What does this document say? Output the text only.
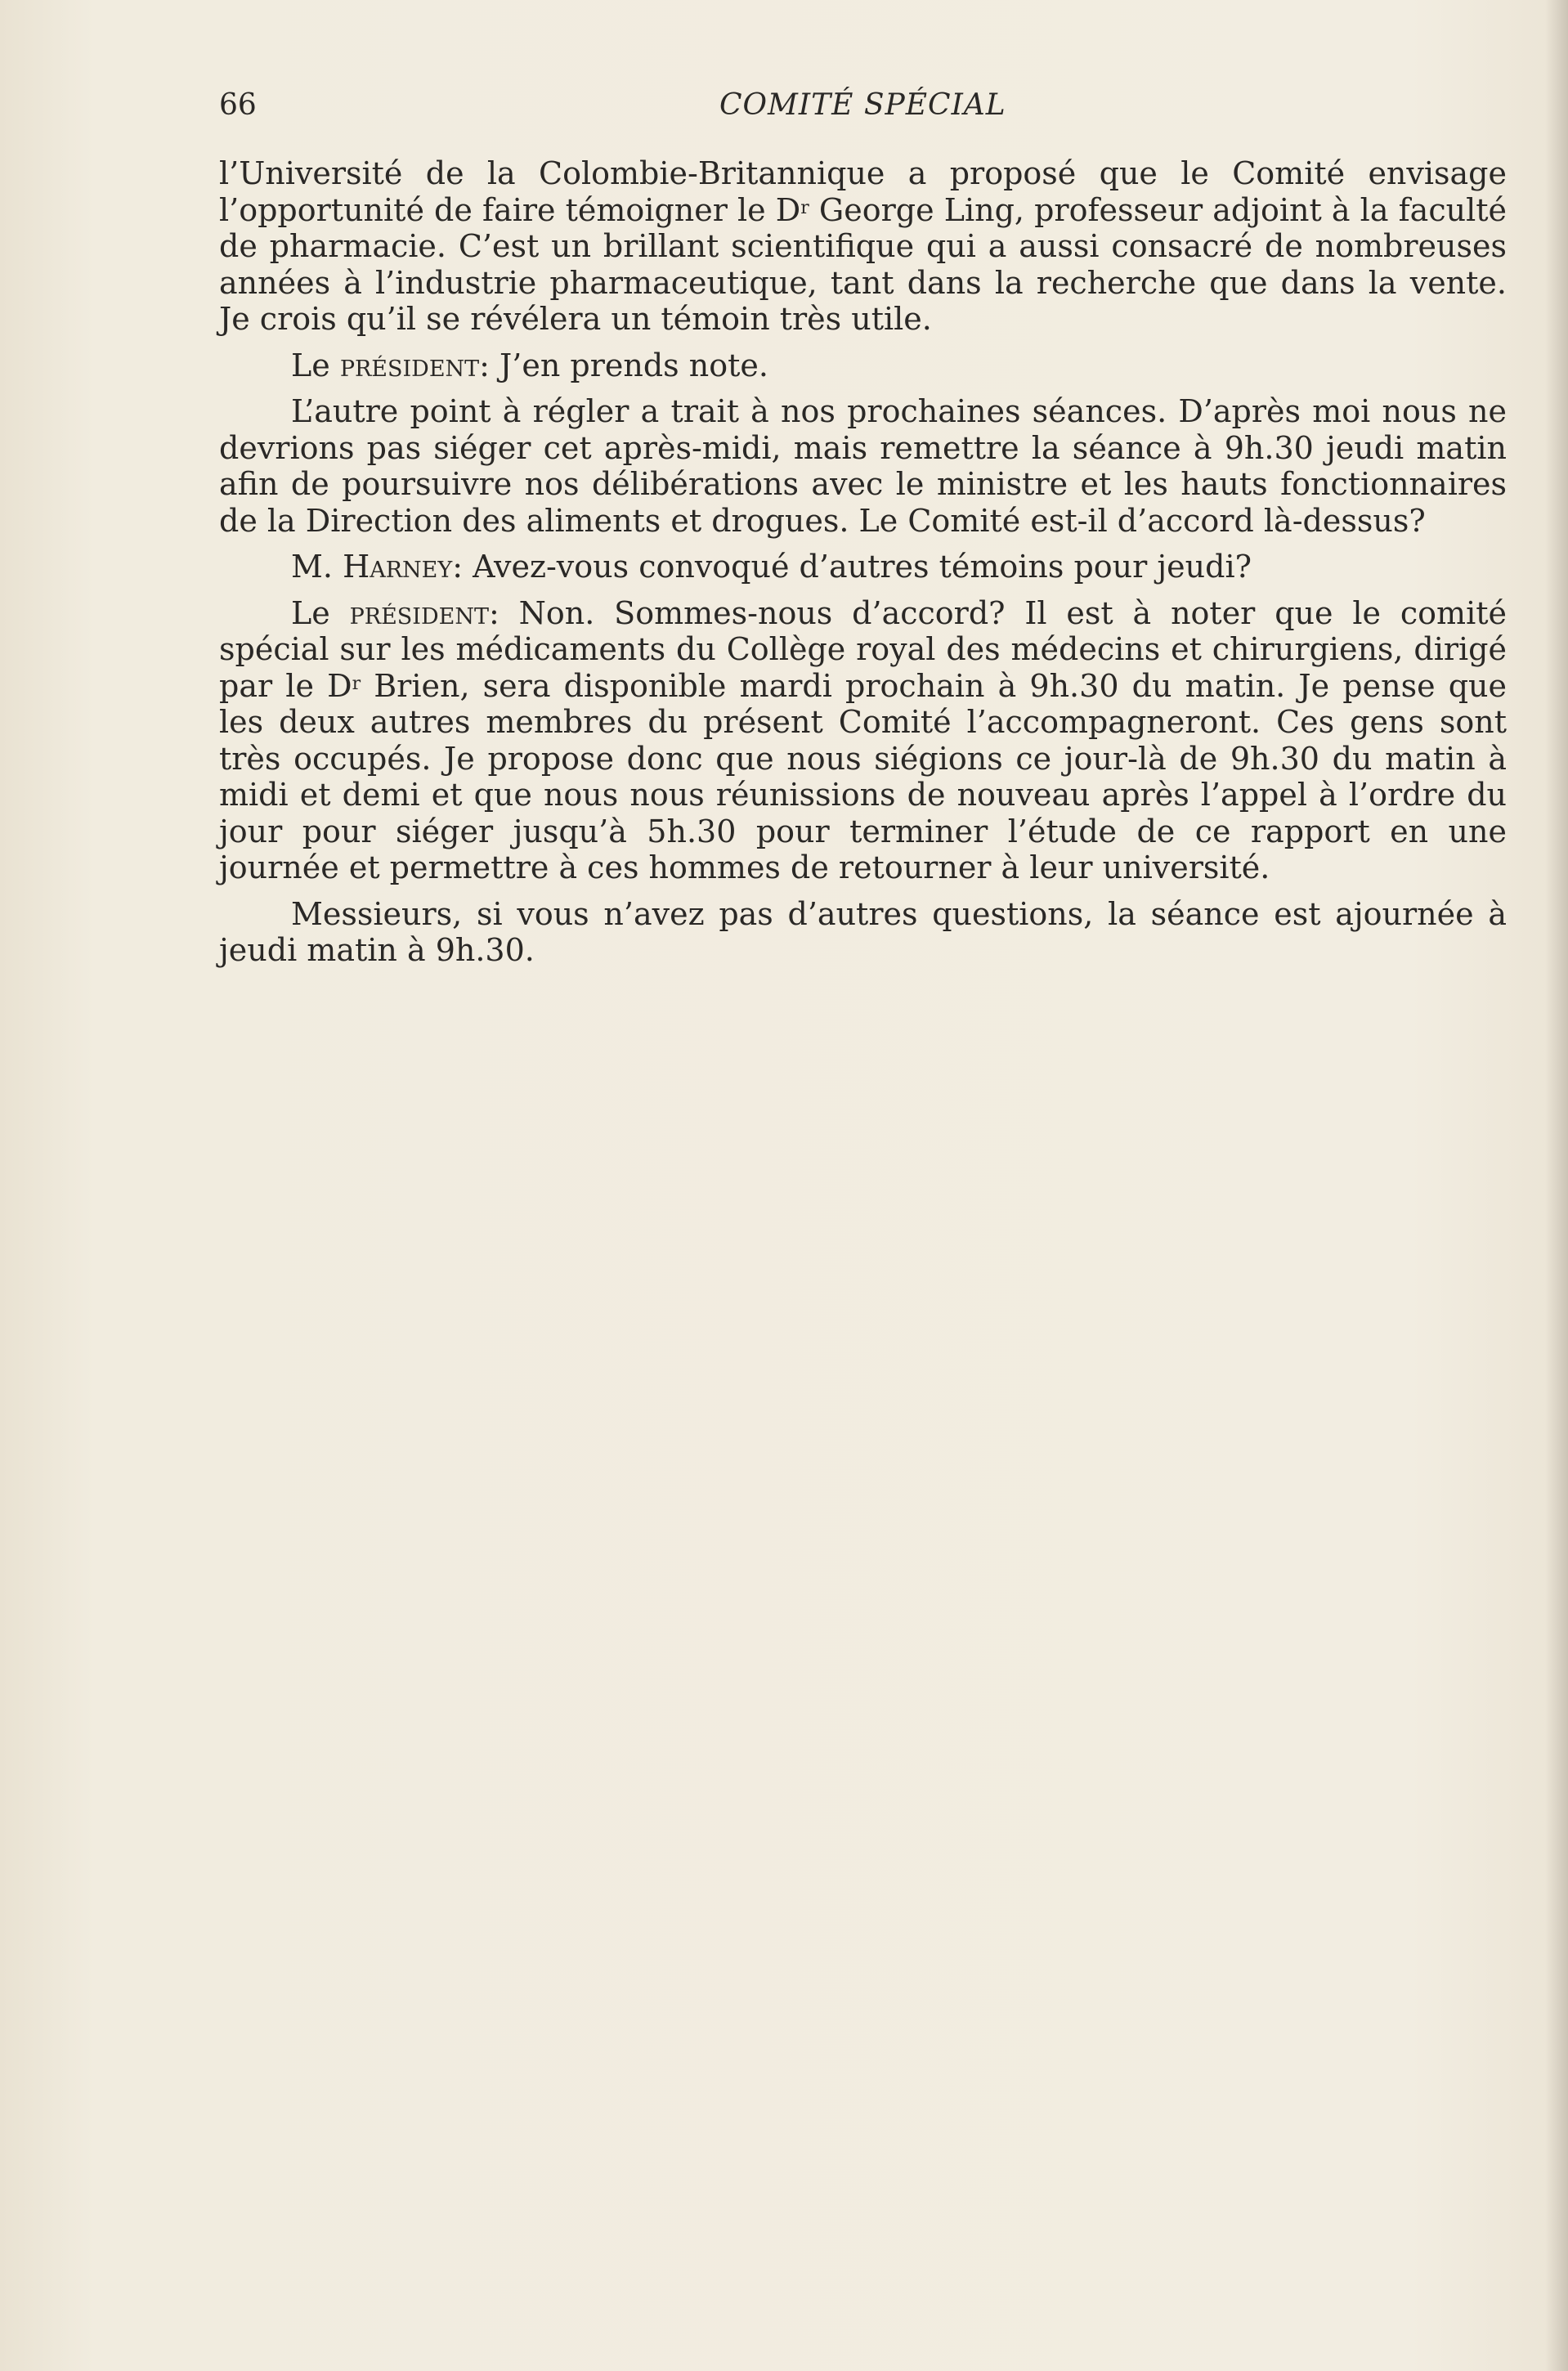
66	COMITÉ SPÉCIAL

l’Université de la Colombie-Britannique a proposé que le Comité envisage l’opportunité de faire témoigner le $D^r$ George Ling, professeur adjoint à la faculté de pharmacie. C’est un brillant scientifique qui a aussi consacré de nombreuses années à l’industrie pharmaceutique, tant dans la recherche que dans la vente. Je crois qu’il se révélera un témoin très utile.

Le président: J’en prends note.

L’autre point à régler a trait à nos prochaines séances. D’après moi nous ne devrions pas siéger cet après-midi, mais remettre la séance à 9h.30 jeudi matin afin de poursuivre nos délibérations avec le ministre et les hauts fonctionnaires de la Direction des aliments et drogues. Le Comité est-il d’accord là-dessus?

M. Harney: Avez-vous convoqué d’autres témoins pour jeudi?

Le président: Non. Sommes-nous d’accord? Il est à noter que le comité spécial sur les médicaments du Collège royal des médecins et chirurgiens, dirigé par le $D^r$ Brien, sera disponible mardi prochain à 9h.30 du matin. Je pense que les deux autres membres du présent Comité l’accompagneront. Ces gens sont très occupés. Je propose donc que nous siégions ce jour-là de 9h.30 du matin à midi et demi et que nous nous réunissions de nouveau après l’appel à l’ordre du jour pour siéger jusqu’à 5h.30 pour terminer l’étude de ce rapport en une journée et permettre à ces hommes de retourner à leur université.

Messieurs, si vous n’avez pas d’autres questions, la séance est ajournée à jeudi matin à 9h.30.
